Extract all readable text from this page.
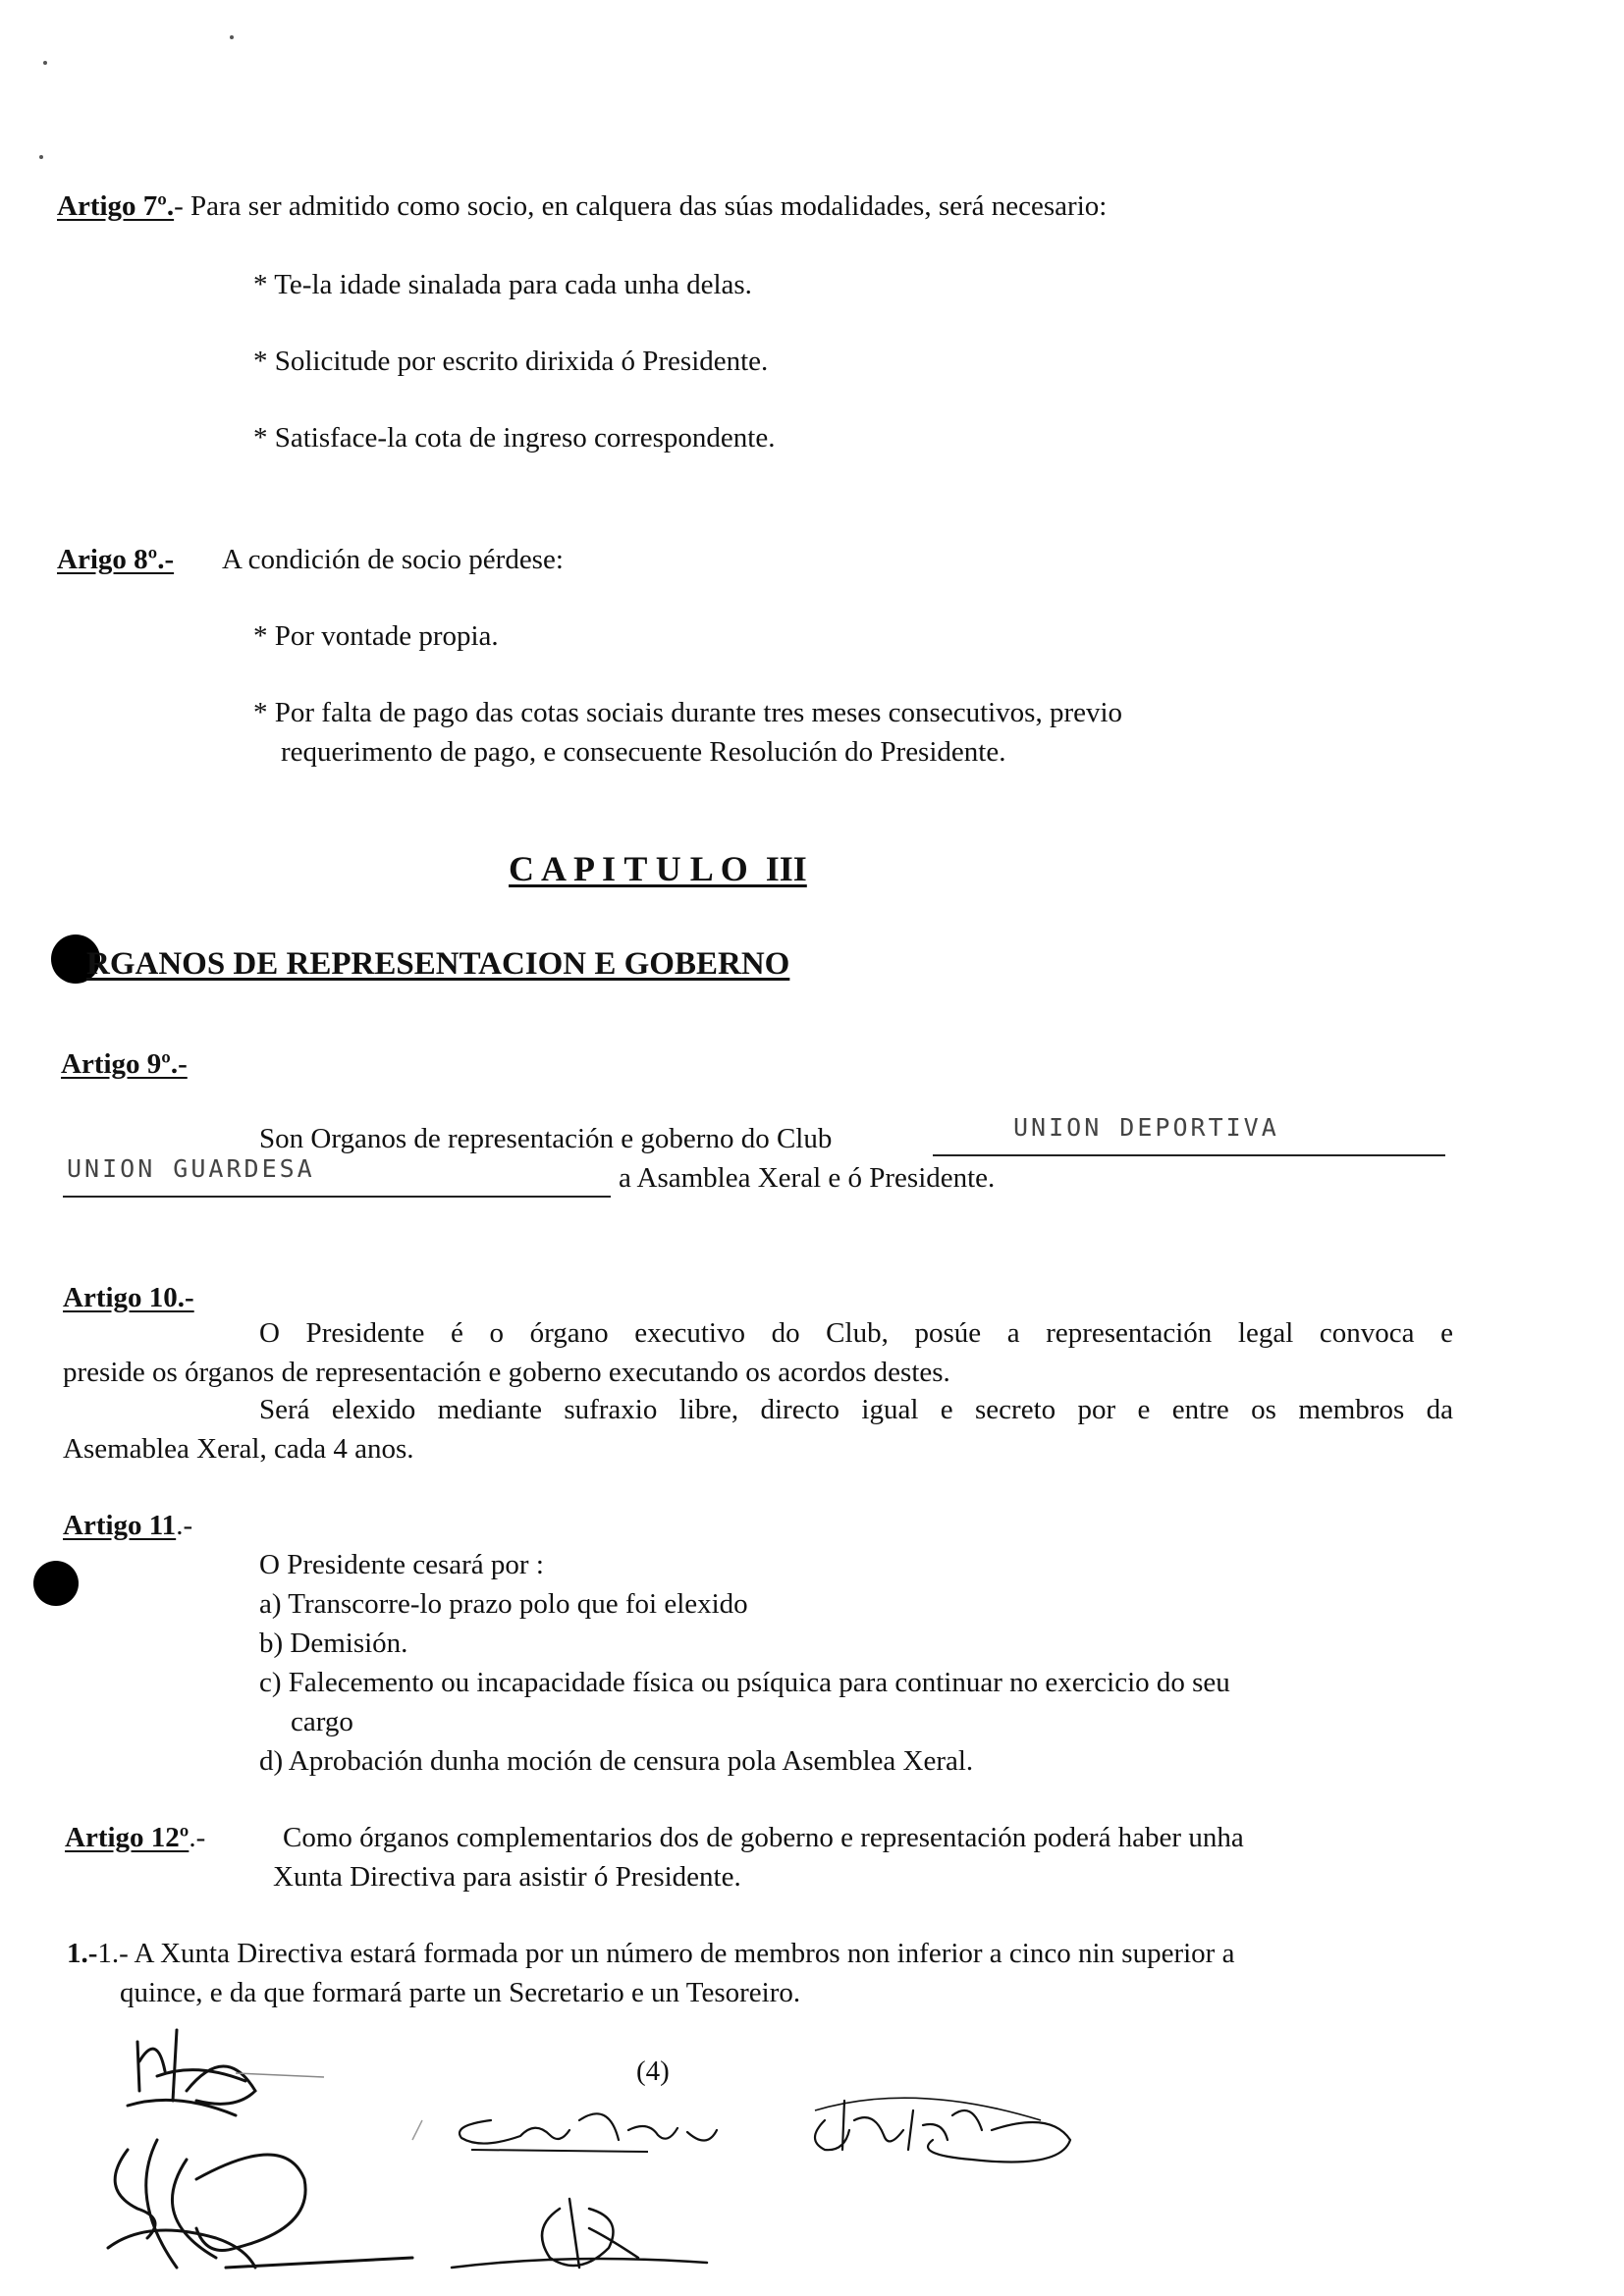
Artigo 7º.- Para ser admitido como socio, en calquera das súas modalidades, será necesario:
* Te-la idade sinalada para cada unha delas.
* Solicitude por escrito dirixida ó Presidente.
* Satisface-la cota de ingreso correspondente.
Arigo 8º.- A condición de socio pérdese:
* Por vontade propia.
* Por falta de pago das cotas sociais durante tres meses consecutivos, previo
requerimento de pago, e consecuente Resolución do Presidente.
C A P I T U L O  III
RGANOS DE REPRESENTACION E GOBERNO
Artigo 9º.-
Son Organos de representación e goberno do Club	UNION DEPORTIVA
UNION GUARDESA	a Asamblea Xeral e ó Presidente.
Artigo 10.-
O Presidente é o órgano executivo do Club, posúe a representación legal convoca e
preside os órganos de representación e goberno executando os acordos destes.
Será elexido mediante sufraxio libre, directo igual e secreto por e entre os membros da
Asemablea Xeral, cada 4 anos.
Artigo 11.-
O Presidente cesará por :
a) Transcorre-lo prazo polo que foi elexido
b) Demisión.
c) Falecemento ou incapacidade física ou psíquica para continuar no exercicio do seu
cargo
d) Aprobación dunha moción de censura pola Asemblea Xeral.
Artigo 12º.-	Como órganos complementarios dos de goberno e representación poderá haber unha
Xunta Directiva para asistir ó Presidente.
1.-1.- A Xunta Directiva estará formada por un número de membros non inferior a cinco nin superior a
quince, e da que formará parte un Secretario e un Tesoreiro.
(4)
